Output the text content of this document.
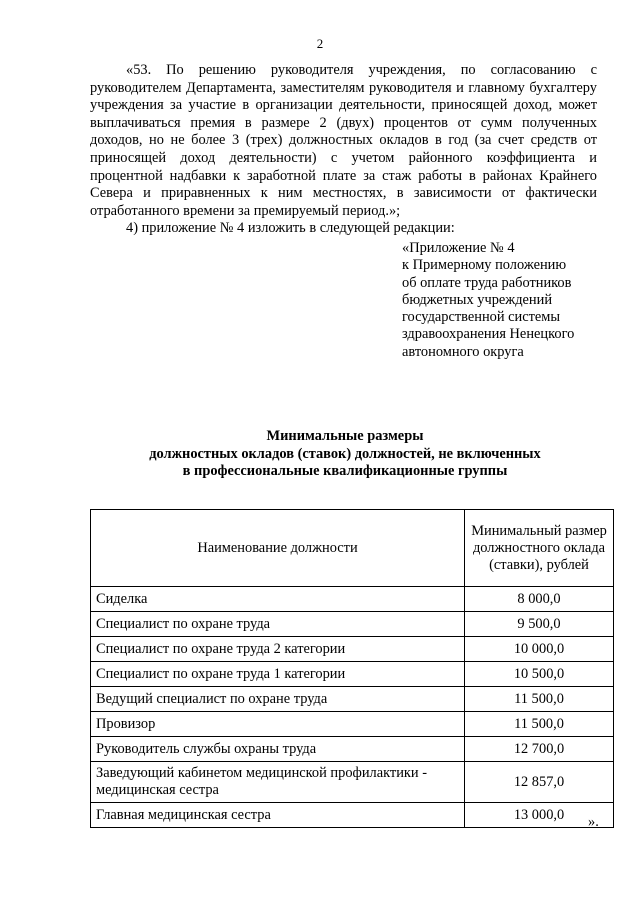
2

«53. По решению руководителя учреждения, по согласованию с руководителем Департамента, заместителям руководителя и главному бухгалтеру учреждения за участие в организации деятельности, приносящей доход, может выплачиваться премия в размере 2 (двух) процентов от сумм полученных доходов, но не более 3 (трех) должностных окладов в год (за счет средств от приносящей доход деятельности) с учетом районного коэффициента и процентной надбавки к заработной плате за стаж работы в районах Крайнего Севера и приравненных к ним местностях, в зависимости от фактически отработанного времени за премируемый период.»;

4) приложение № 4 изложить в следующей редакции:

«Приложение № 4
к Примерному положению
об оплате труда работников
бюджетных учреждений
государственной системы
здравоохранения Ненецкого
автономного округа
Минимальные размеры
должностных окладов (ставок) должностей, не включенных
в профессиональные квалификационные группы
Наименование должности	Минимальный размер должностного оклада (ставки), рублей
Сиделка	8 000,0
Специалист по охране труда	9 500,0
Специалист по охране труда 2 категории	10 000,0
Специалист по охране труда 1 категории	10 500,0
Ведущий специалист по охране труда	11 500,0
Провизор	11 500,0
Руководитель службы охраны труда	12 700,0
Заведующий кабинетом медицинской профилактики - медицинская сестра	12 857,0
Главная медицинская сестра	13 000,0 ».
